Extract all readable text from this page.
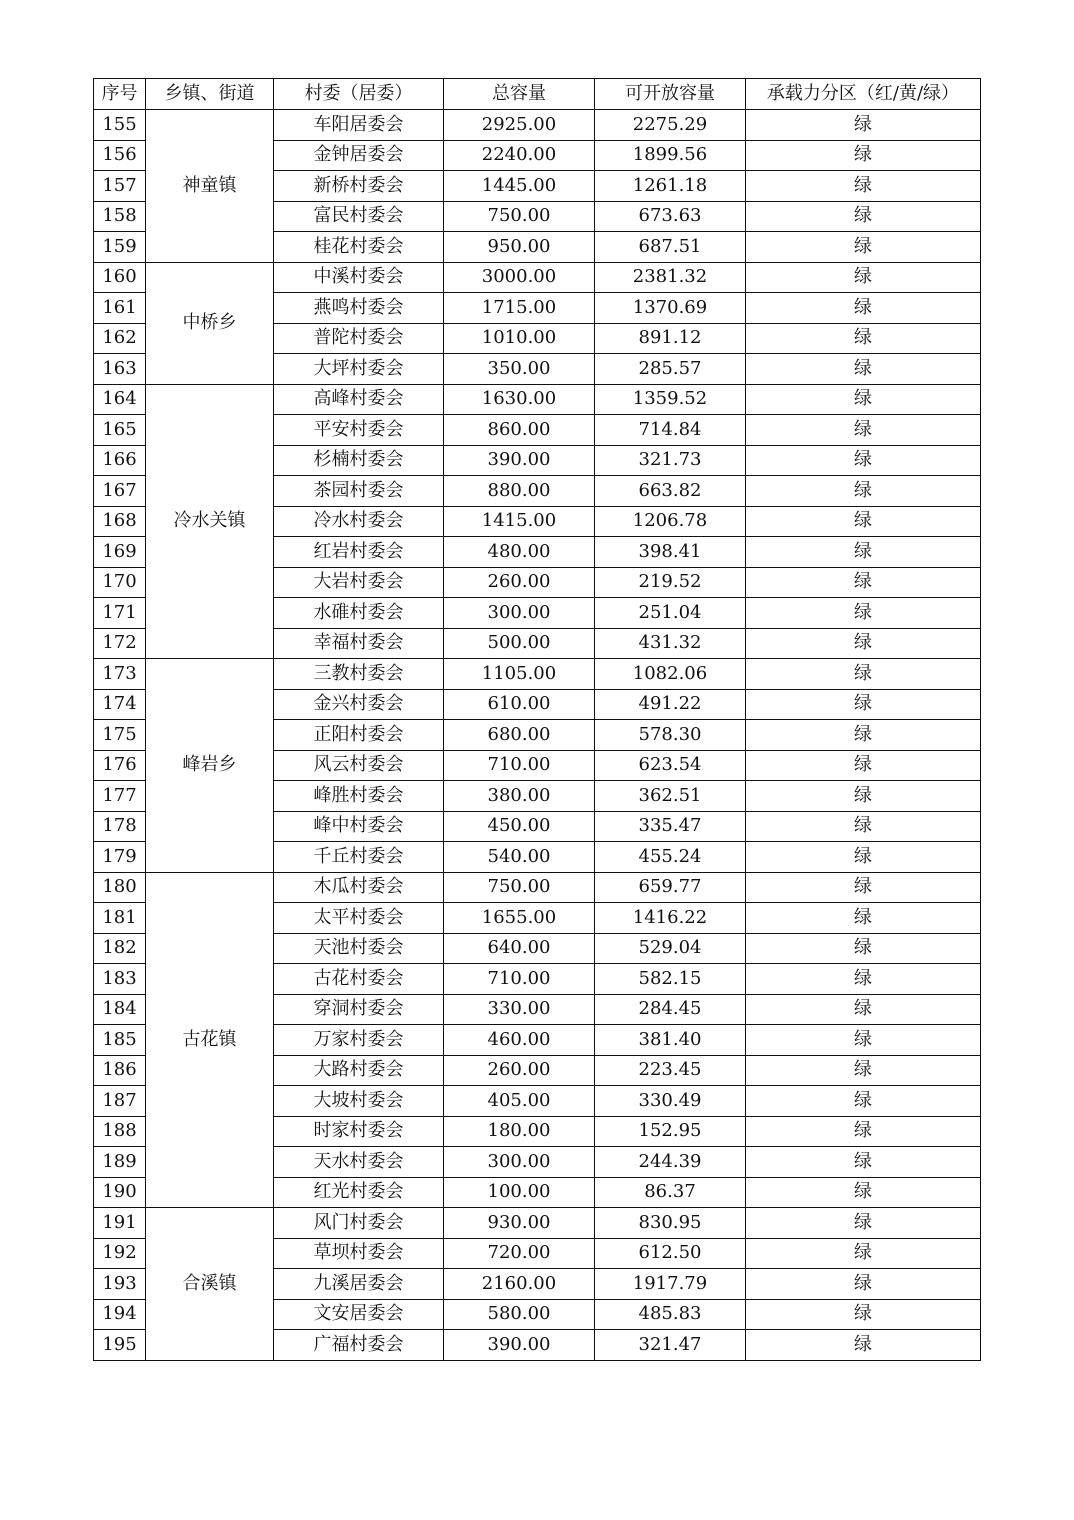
序号	乡镇、街道	村委（居委）	总容量	可开放容量	承载力分区（红/黄/绿）
155	神童镇	车阳居委会	2925.00	2275.29	绿
156		金钟居委会	2240.00	1899.56	绿
157		新桥村委会	1445.00	1261.18	绿
158		富民村委会	750.00	673.63	绿
159		桂花村委会	950.00	687.51	绿
160	中桥乡	中溪村委会	3000.00	2381.32	绿
161		燕鸣村委会	1715.00	1370.69	绿
162		普陀村委会	1010.00	891.12	绿
163		大坪村委会	350.00	285.57	绿
164	冷水关镇	高峰村委会	1630.00	1359.52	绿
165		平安村委会	860.00	714.84	绿
166		杉楠村委会	390.00	321.73	绿
167		茶园村委会	880.00	663.82	绿
168		冷水村委会	1415.00	1206.78	绿
169		红岩村委会	480.00	398.41	绿
170		大岩村委会	260.00	219.52	绿
171		水碓村委会	300.00	251.04	绿
172		幸福村委会	500.00	431.32	绿
173	峰岩乡	三教村委会	1105.00	1082.06	绿
174		金兴村委会	610.00	491.22	绿
175		正阳村委会	680.00	578.30	绿
176		风云村委会	710.00	623.54	绿
177		峰胜村委会	380.00	362.51	绿
178		峰中村委会	450.00	335.47	绿
179		千丘村委会	540.00	455.24	绿
180	古花镇	木瓜村委会	750.00	659.77	绿
181		太平村委会	1655.00	1416.22	绿
182		天池村委会	640.00	529.04	绿
183		古花村委会	710.00	582.15	绿
184		穿洞村委会	330.00	284.45	绿
185		万家村委会	460.00	381.40	绿
186		大路村委会	260.00	223.45	绿
187		大坡村委会	405.00	330.49	绿
188		时家村委会	180.00	152.95	绿
189		天水村委会	300.00	244.39	绿
190		红光村委会	100.00	86.37	绿
191	合溪镇	风门村委会	930.00	830.95	绿
192		草坝村委会	720.00	612.50	绿
193		九溪居委会	2160.00	1917.79	绿
194		文安居委会	580.00	485.83	绿
195		广福村委会	390.00	321.47	绿
